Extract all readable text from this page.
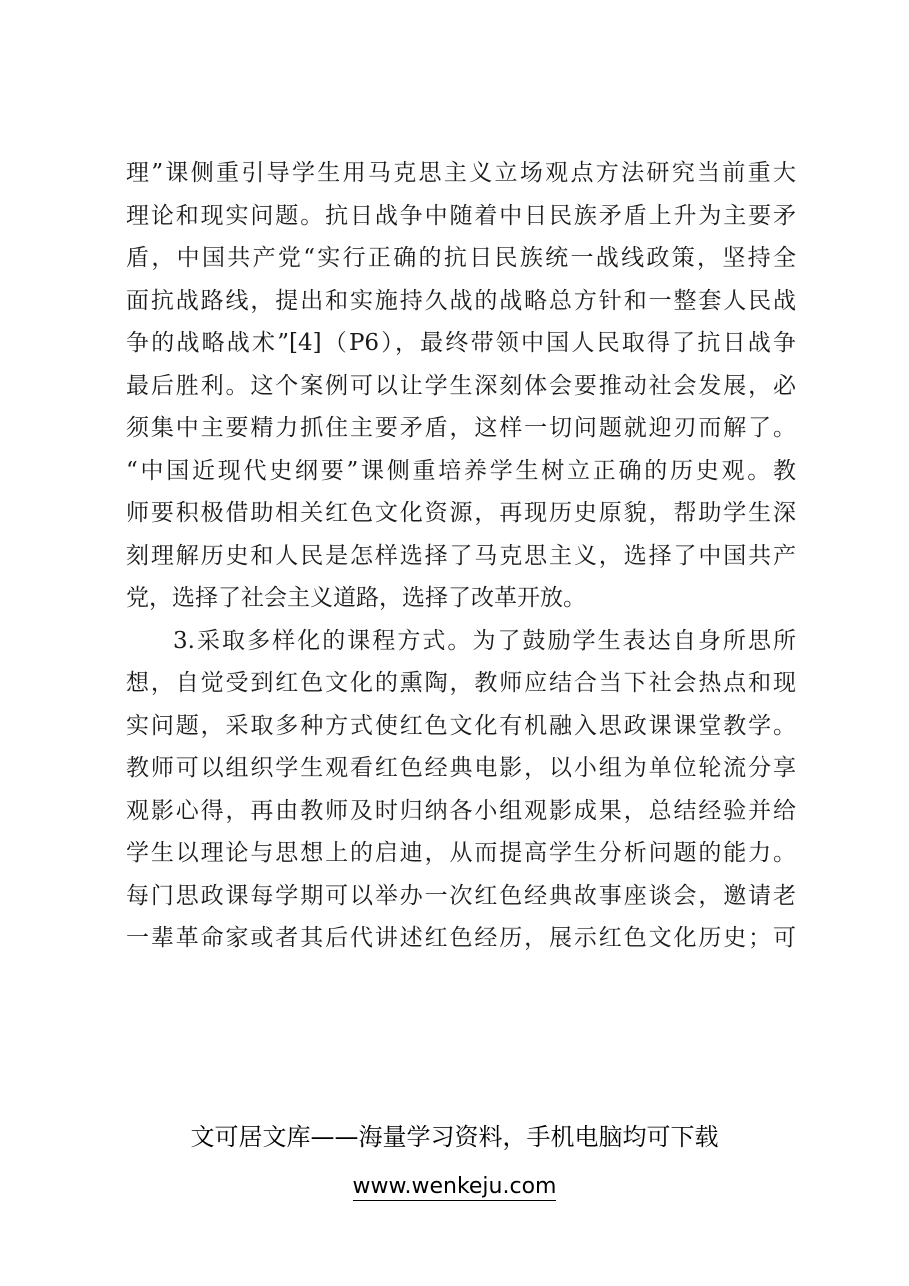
理”课侧重引导学生用马克思主义立场观点方法研究当前重大
理论和现实问题。抗日战争中随着中日民族矛盾上升为主要矛
盾，中国共产党“实行正确的抗日民族统一战线政策，坚持全
面抗战路线，提出和实施持久战的战略总方针和一整套人民战
争的战略战术”[4]（P6），最终带领中国人民取得了抗日战争
最后胜利。这个案例可以让学生深刻体会要推动社会发展，必
须集中主要精力抓住主要矛盾，这样一切问题就迎刃而解了。
“中国近现代史纲要”课侧重培养学生树立正确的历史观。教
师要积极借助相关红色文化资源，再现历史原貌，帮助学生深
刻理解历史和人民是怎样选择了马克思主义，选择了中国共产
党，选择了社会主义道路，选择了改革开放。
3.采取多样化的课程方式。为了鼓励学生表达自身所思所
想，自觉受到红色文化的熏陶，教师应结合当下社会热点和现
实问题，采取多种方式使红色文化有机融入思政课课堂教学。
教师可以组织学生观看红色经典电影，以小组为单位轮流分享
观影心得，再由教师及时归纳各小组观影成果，总结经验并给
学生以理论与思想上的启迪，从而提高学生分析问题的能力。
每门思政课每学期可以举办一次红色经典故事座谈会，邀请老
一辈革命家或者其后代讲述红色经历，展示红色文化历史；可
文可居文库——海量学习资料，手机电脑均可下载
www.wenkeju.com
